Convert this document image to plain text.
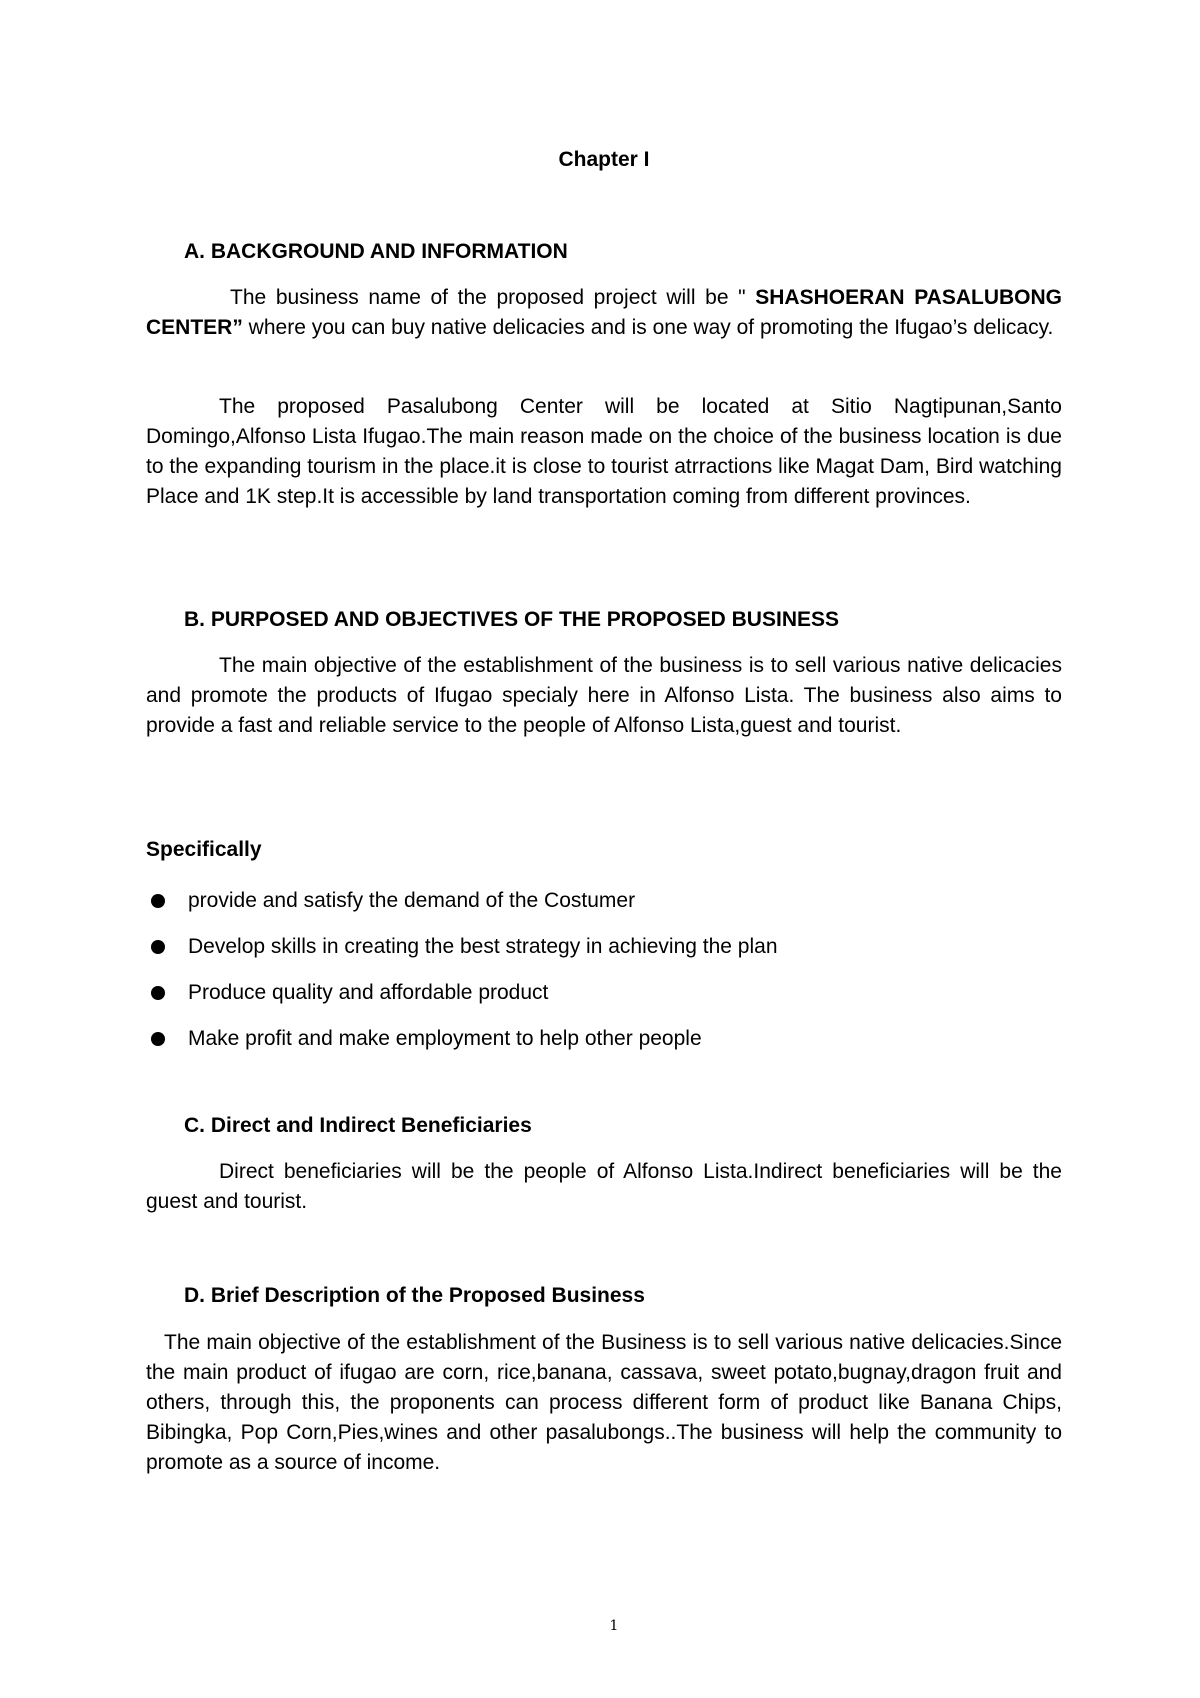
Chapter I
A. BACKGROUND AND INFORMATION
The business name of the proposed project will be " SHASHOERAN PASALUBONG CENTER” where you can buy native delicacies and is one way of promoting the Ifugao’s delicacy.
The proposed Pasalubong Center will be located at Sitio Nagtipunan,Santo Domingo,Alfonso Lista Ifugao.The main reason made on the choice of the business location is due to the expanding tourism in the place.it is close to tourist atrractions like Magat Dam, Bird watching Place and 1K step.It is accessible by land transportation coming from different provinces.
B. PURPOSED AND OBJECTIVES OF THE PROPOSED BUSINESS
The main objective of the establishment of the business is to sell various native delicacies and promote the products of Ifugao specialy here in Alfonso Lista. The business also aims to provide a fast and reliable service to the people of Alfonso Lista,guest and tourist.
Specifically
provide and satisfy the demand of the Costumer
Develop skills in creating the best strategy in achieving the plan
Produce quality and affordable product
Make profit and make employment to help other people
C. Direct and Indirect Beneficiaries
Direct beneficiaries will be the people of Alfonso Lista.Indirect beneficiaries will be the guest and tourist.
D. Brief Description of the Proposed Business
The main objective of the establishment of the Business is to sell various native delicacies.Since the main product of ifugao are corn, rice,banana, cassava, sweet potato,bugnay,dragon fruit and others, through this, the proponents can process different form of product like Banana Chips, Bibingka, Pop Corn,Pies,wines and other pasalubongs..The business will help the community to promote as a source of income.
1
